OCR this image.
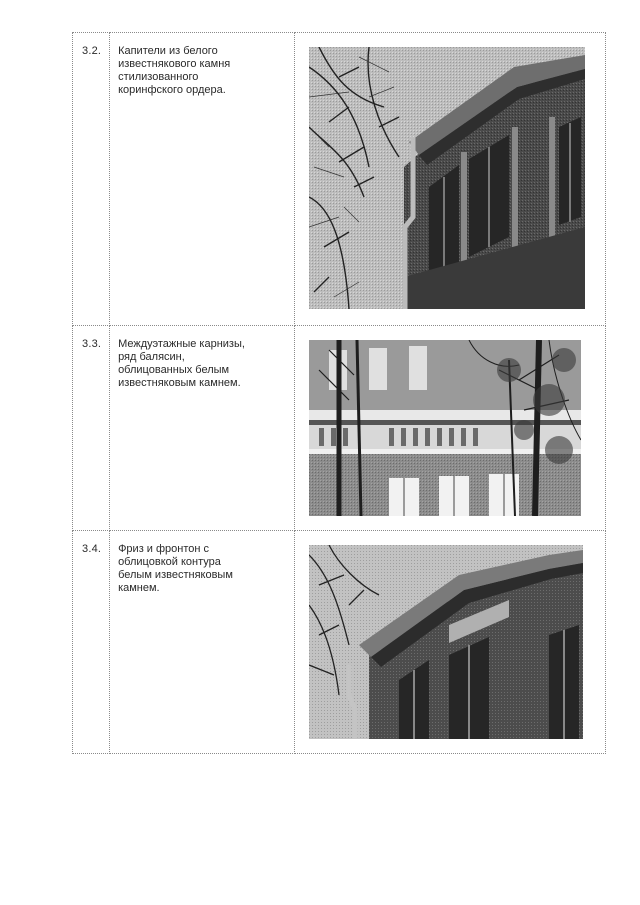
3.2.	Капители из белого
известнякового камня
стилизованного
коринфского ордера.

3.3.	Междуэтажные карнизы,
ряд балясин,
облицованных белым
известняковым камнем.

3.4.	Фриз и фронтон с
облицовкой контура
белым известняковым
камнем.
